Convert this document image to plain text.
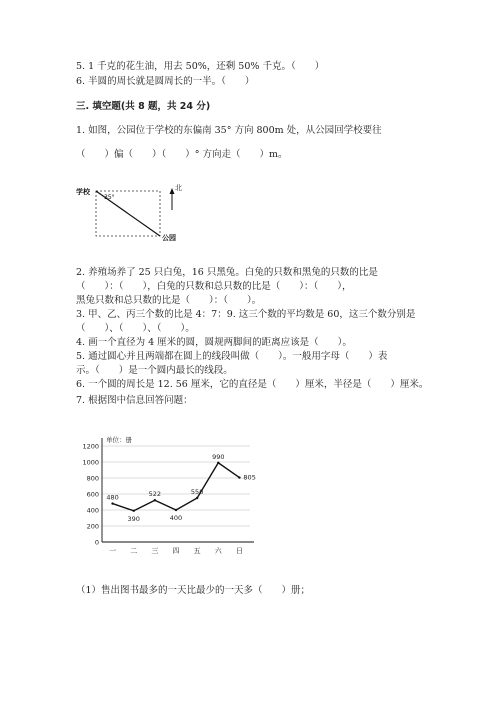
5. 1 千克的花生油，用去 50%，还剩 50% 千克。（　　）
6. 半圆的周长就是圆周长的一半。（　　）
三. 填空题(共 8 题，共 24 分)
1. 如图，公园位于学校的东偏南 35° 方向 800m 处，从公园回学校要往
（　　）偏（　　）（　　）° 方向走（　　）m。
学校
35°
公园
北
2. 养殖场养了 25 只白兔，16 只黑兔。白兔的只数和黑兔的只数的比是
（　　）：（　　），白兔的只数和总只数的比是（　　）：（　　），
黑兔只数和总只数的比是（　　）：（　　）。
3. 甲、乙、丙三个数的比是 4：7：9. 这三个数的平均数是 60，这三个数分别是
（　　）、（　　）、（　　）。
4. 画一个直径为 4 厘米的圆，圆规两脚间的距离应该是（　　）。
5. 通过圆心并且两端都在圆上的线段叫做（　　）。一般用字母（　　）表
示。（　　）是一个圆内最长的线段。
6. 一个圆的周长是 12. 56 厘米，它的直径是（　　）厘米，半径是（　　）厘米。
7. 根据图中信息回答问题：
0
200
400
600
800
1000
1200
单位：册
一 二 三 四 五 六 日
480
390
522
400
550
990
805
（1）售出图书最多的一天比最少的一天多（　　）册；
